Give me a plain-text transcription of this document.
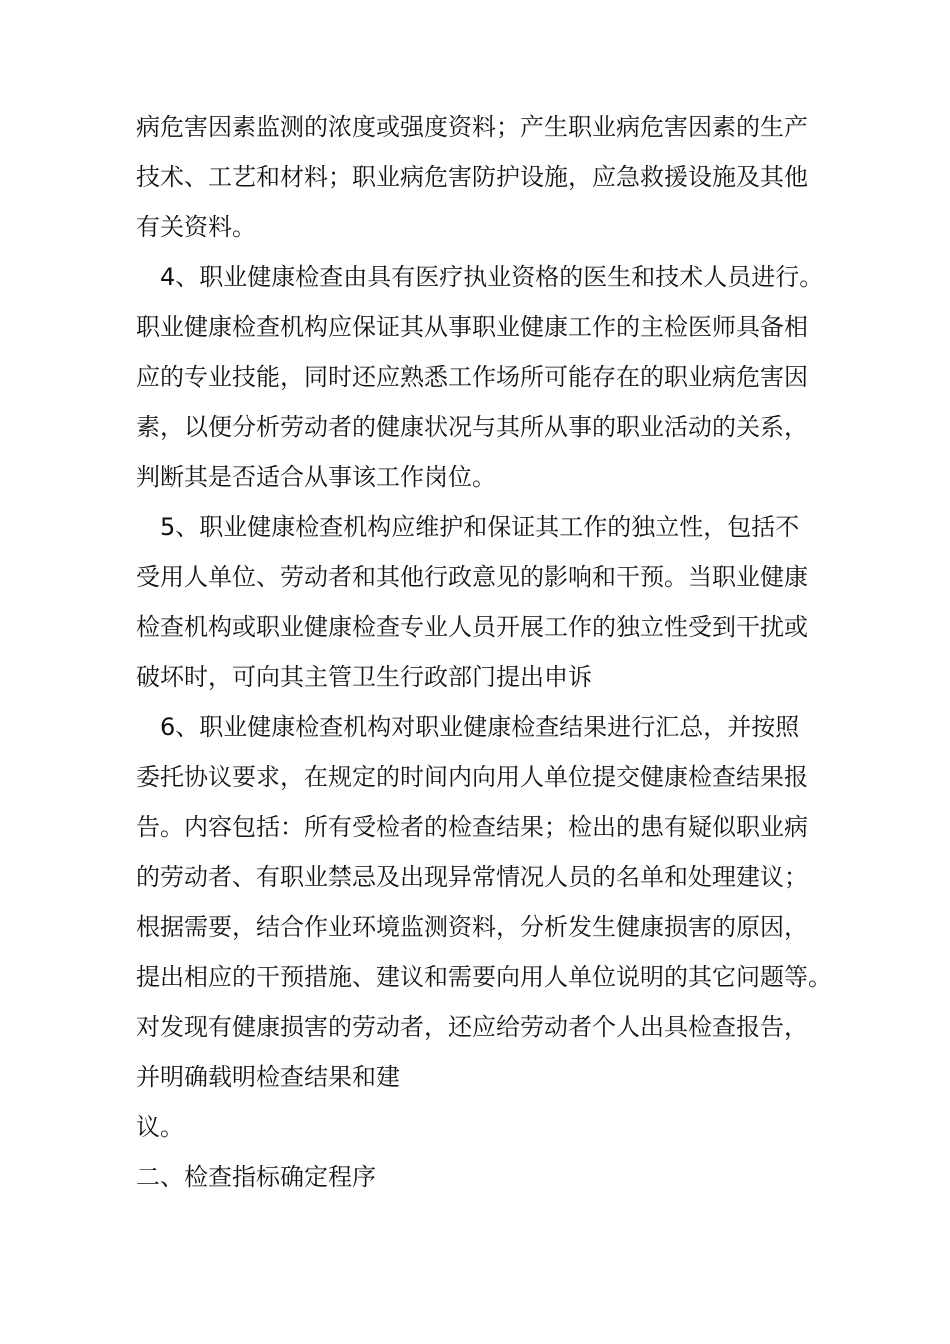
病危害因素监测的浓度或强度资料；产生职业病危害因素的生产
技术、工艺和材料；职业病危害防护设施，应急救援设施及其他
有关资料。
4、职业健康检查由具有医疗执业资格的医生和技术人员进行。
职业健康检查机构应保证其从事职业健康工作的主检医师具备相
应的专业技能，同时还应熟悉工作场所可能存在的职业病危害因
素，以便分析劳动者的健康状况与其所从事的职业活动的关系，
判断其是否适合从事该工作岗位。
5、职业健康检查机构应维护和保证其工作的独立性，包括不
受用人单位、劳动者和其他行政意见的影响和干预。当职业健康
检查机构或职业健康检查专业人员开展工作的独立性受到干扰或
破坏时，可向其主管卫生行政部门提出申诉
6、职业健康检查机构对职业健康检查结果进行汇总，并按照
委托协议要求，在规定的时间内向用人单位提交健康检查结果报
告。内容包括：所有受检者的检查结果；检出的患有疑似职业病
的劳动者、有职业禁忌及出现异常情况人员的名单和处理建议；
根据需要，结合作业环境监测资料，分析发生健康损害的原因，
提出相应的干预措施、建议和需要向用人单位说明的其它问题等。
对发现有健康损害的劳动者，还应给劳动者个人出具检查报告，
并明确载明检查结果和建
议。
二、检查指标确定程序
